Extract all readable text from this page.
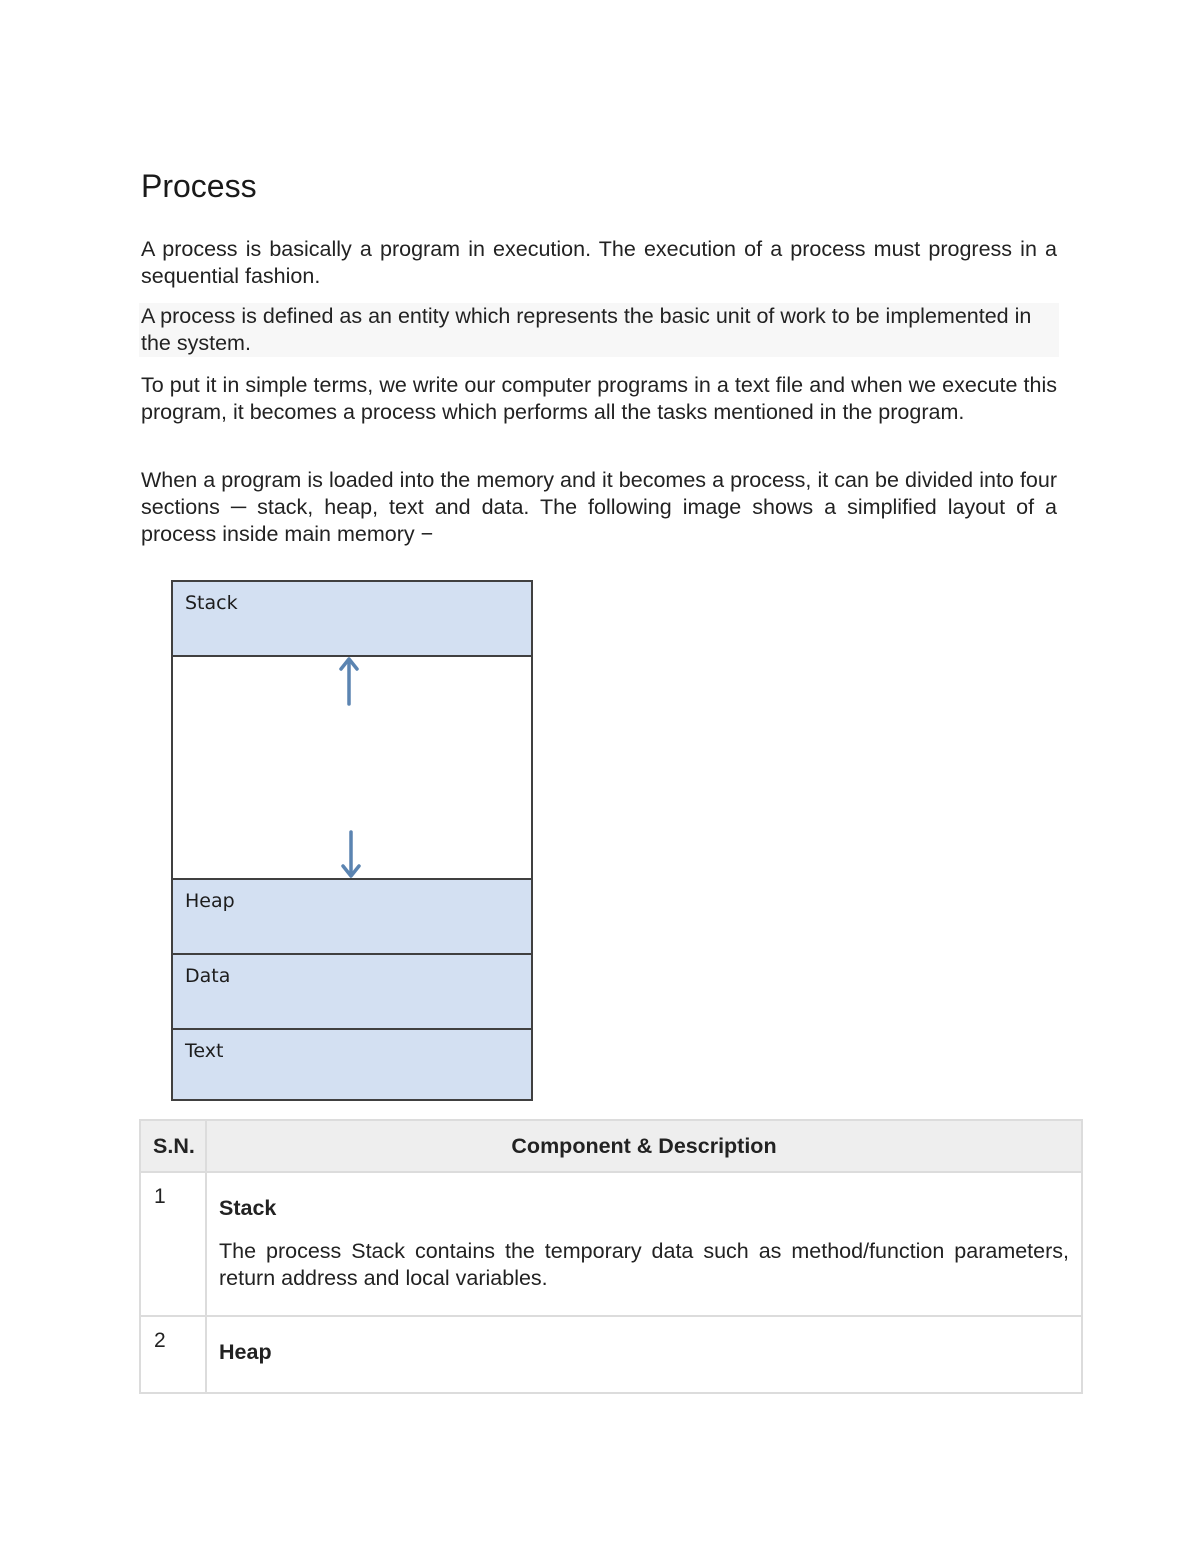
Process

A process is basically a program in execution. The execution of a process must progress in a sequential fashion.

A process is defined as an entity which represents the basic unit of work to be implemented in the system.

To put it in simple terms, we write our computer programs in a text file and when we execute this program, it becomes a process which performs all the tasks mentioned in the program.

When a program is loaded into the memory and it becomes a process, it can be divided into four sections ─ stack, heap, text and data. The following image shows a simplified layout of a process inside main memory −

Stack
Heap
Data
Text
S.N.	Component & Description
1	Stack

The process Stack contains the temporary data such as method/function parameters, return address and local variables.

2	Heap
